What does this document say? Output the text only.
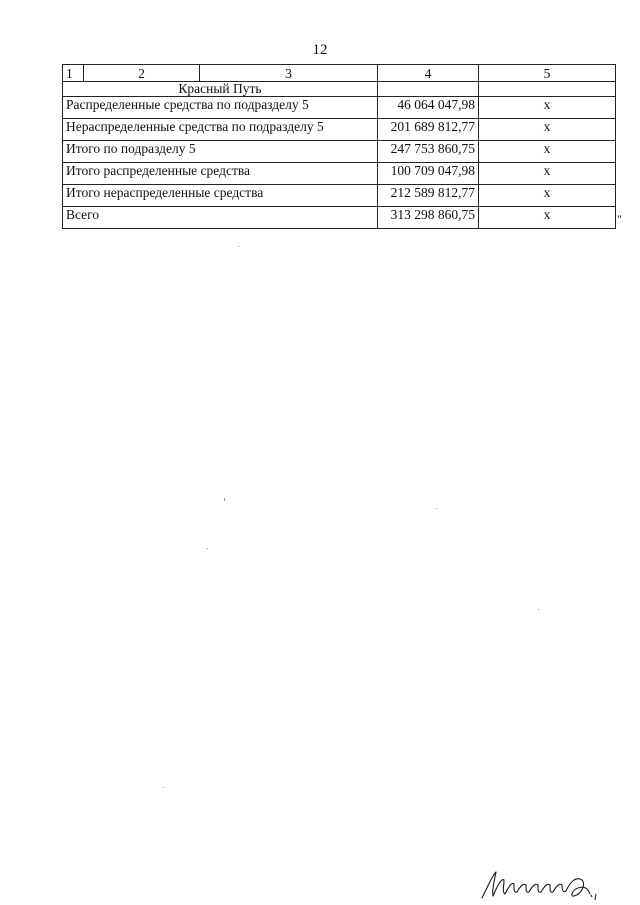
12
1	2	3	4	5
Красный Путь				
Распределенные средства по подразделу 5			46 064 047,98	х
Нераспределенные средства по подразделу 5			201 689 812,77	х
Итого по подразделу 5			247 753 860,75	х
Итого распределенные средства			100 709 047,98	х
Итого нераспределенные средства			212 589 812,77	х
Всего			313 298 860,75	х	"
